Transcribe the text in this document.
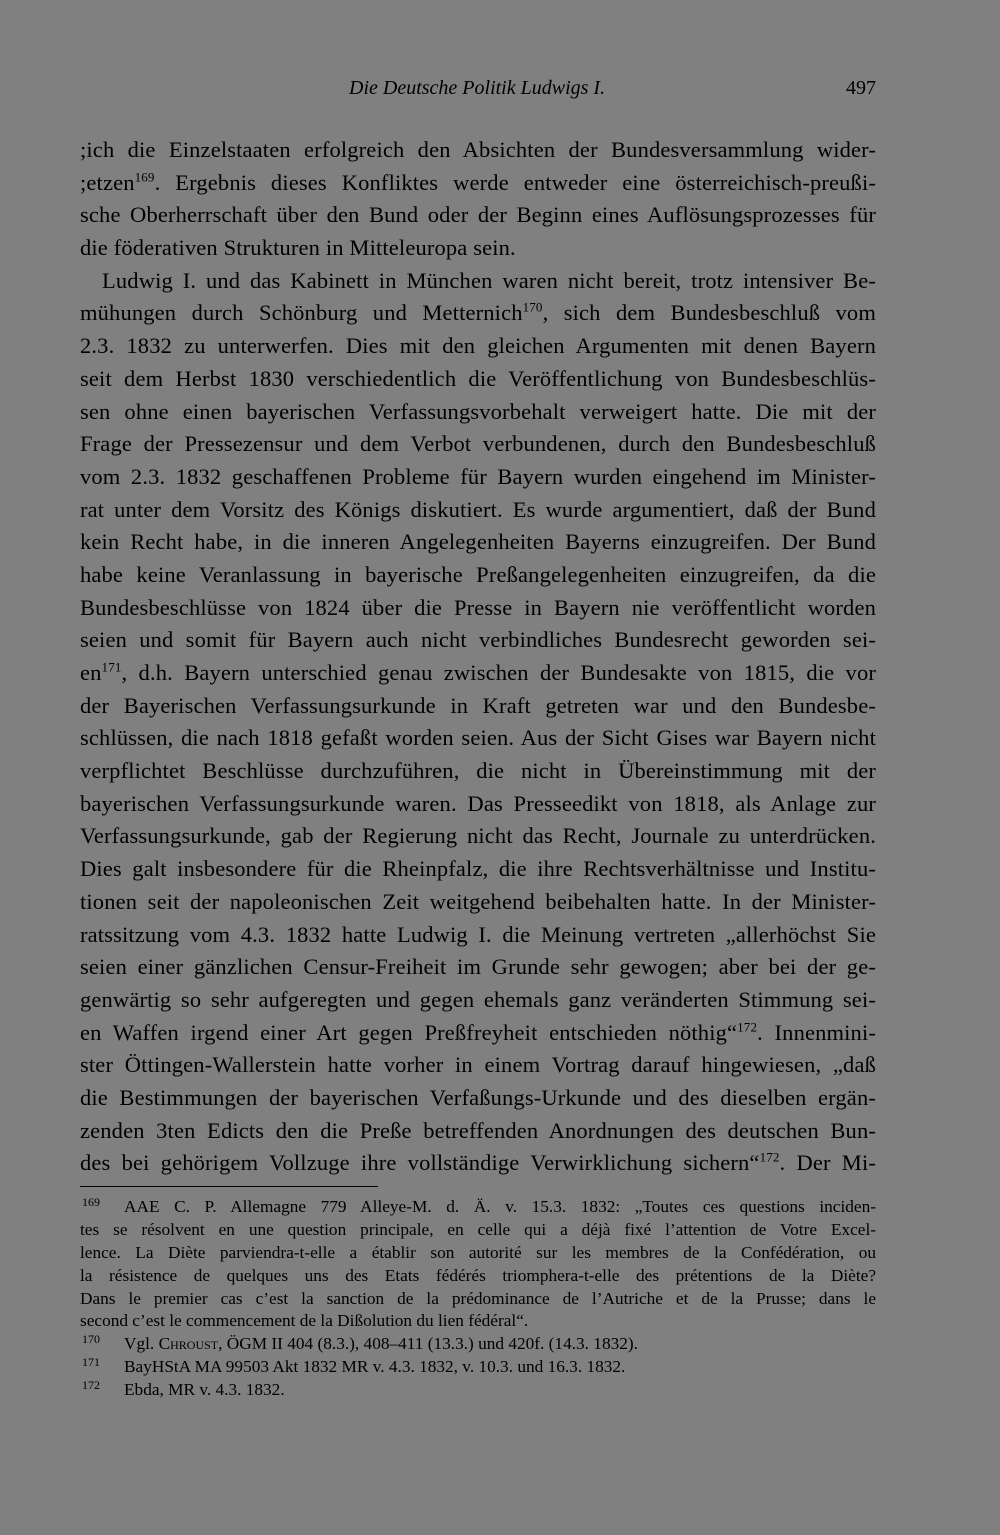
Die Deutsche Politik Ludwigs I.	497
;ich die Einzelstaaten erfolgreich den Absichten der Bundesversammlung wider-
;etzen$^{169}$. Ergebnis dieses Konfliktes werde entweder eine österreichisch-preußi-
sche Oberherrschaft über den Bund oder der Beginn eines Auflösungsprozesses für
die föderativen Strukturen in Mitteleuropa sein.
Ludwig I. und das Kabinett in München waren nicht bereit, trotz intensiver Be-
mühungen durch Schönburg und Metternich$^{170}$, sich dem Bundesbeschluß vom
2.3. 1832 zu unterwerfen. Dies mit den gleichen Argumenten mit denen Bayern
seit dem Herbst 1830 verschiedentlich die Veröffentlichung von Bundesbeschlüs-
sen ohne einen bayerischen Verfassungsvorbehalt verweigert hatte. Die mit der
Frage der Pressezensur und dem Verbot verbundenen, durch den Bundesbeschluß
vom 2.3. 1832 geschaffenen Probleme für Bayern wurden eingehend im Minister-
rat unter dem Vorsitz des Königs diskutiert. Es wurde argumentiert, daß der Bund
kein Recht habe, in die inneren Angelegenheiten Bayerns einzugreifen. Der Bund
habe keine Veranlassung in bayerische Preßangelegenheiten einzugreifen, da die
Bundesbeschlüsse von 1824 über die Presse in Bayern nie veröffentlicht worden
seien und somit für Bayern auch nicht verbindliches Bundesrecht geworden sei-
$en^{171}$, d.h. Bayern unterschied genau zwischen der Bundesakte von 1815, die vor
der Bayerischen Verfassungsurkunde in Kraft getreten war und den Bundesbe-
schlüssen, die nach 1818 gefaßt worden seien. Aus der Sicht Gises war Bayern nicht
verpflichtet Beschlüsse durchzuführen, die nicht in Übereinstimmung mit der
bayerischen Verfassungsurkunde waren. Das Presseedikt von 1818, als Anlage zur
Verfassungsurkunde, gab der Regierung nicht das Recht, Journale zu unterdrücken.
Dies galt insbesondere für die Rheinpfalz, die ihre Rechtsverhältnisse und Institu-
tionen seit der napoleonischen Zeit weitgehend beibehalten hatte. In der Minister-
ratssitzung vom 4.3. 1832 hatte Ludwig I. die Meinung vertreten „allerhöchst Sie
seien einer gänzlichen Censur-Freiheit im Grunde sehr gewogen; aber bei der ge-
genwärtig so sehr aufgeregten und gegen ehemals ganz veränderten Stimmung sei-
en Waffen irgend einer Art gegen Preßfreyheit entschieden nöthig“$^{172}$. Innenmini-
ster Öttingen-Wallerstein hatte vorher in einem Vortrag darauf hingewiesen, „daß
die Bestimmungen der bayerischen Verfaßungs-Urkunde und des dieselben ergän-
zenden 3ten Edicts den die Preße betreffenden Anordnungen des deutschen Bun-
des bei gehörigem Vollzuge ihre vollständige Verwirklichung sichern“$^{172}$. Der Mi-
169 AAE C. P. Allemagne 779 Alleye-M. d. Ä. v. 15.3. 1832: „Toutes ces questions inciden-
tes se résolvent en une question principale, en celle qui a déjà fixé l’attention de Votre Excel-
lence. La Diète parviendra-t-elle a établir son autorité sur les membres de la Confédération, ou
la résistence de quelques uns des Etats fédérés triomphera-t-elle des prétentions de la Diète?
Dans le premier cas c’est la sanction de la prédominance de l’Autriche et de la Prusse; dans le
second c’est le commencement de la Dißolution du lien fédéral“.
170 Vgl. Chroust, ÖGM II 404 (8.3.), 408–411 (13.3.) und 420f. (14.3. 1832).
171 BayHStA MA 99503 Akt 1832 MR v. 4.3. 1832, v. 10.3. und 16.3. 1832.
172 Ebda, MR v. 4.3. 1832.
